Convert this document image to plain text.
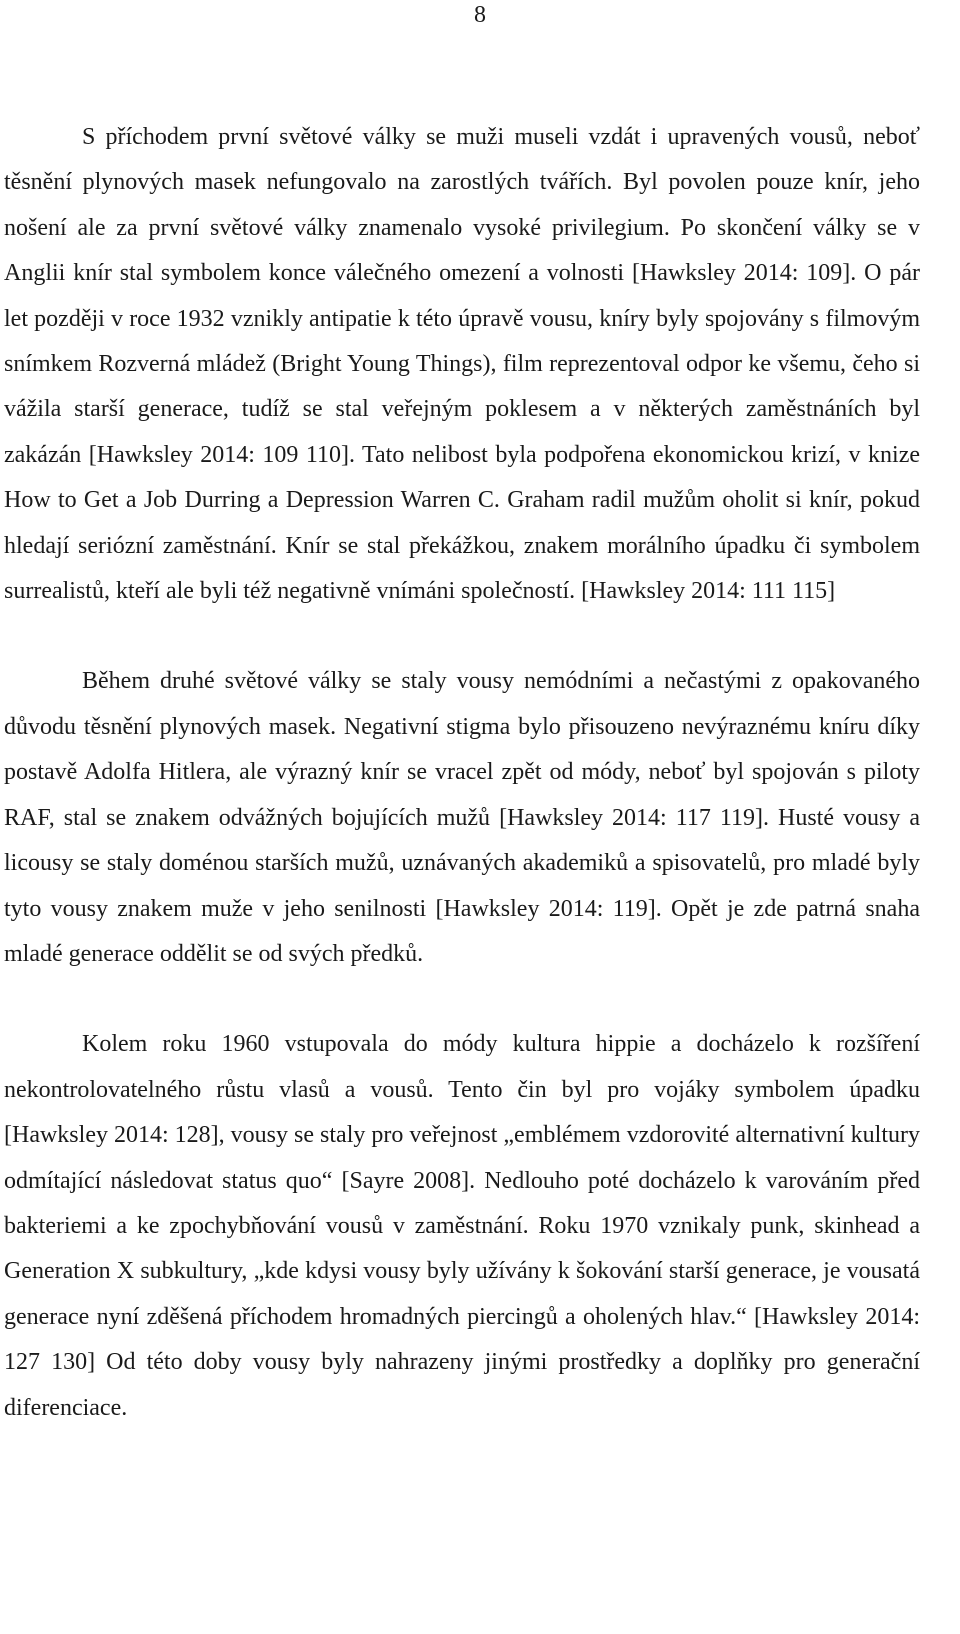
8

S příchodem první světové války se muži museli vzdát i upravených vousů, neboť těsnění plynových masek nefungovalo na zarostlých tvářích. Byl povolen pouze knír, jeho nošení ale za první světové války znamenalo vysoké privilegium. Po skončení války se v Anglii knír stal symbolem konce válečného omezení a volnosti [Hawksley 2014: 109]. O pár let později v roce 1932 vznikly antipatie k této úpravě vousu, kníry byly spojovány s filmovým snímkem Rozverná mládež (Bright Young Things), film reprezentoval odpor ke všemu, čeho si vážila starší generace, tudíž se stal veřejným poklesem a v některých zaměstnáních byl zakázán [Hawksley 2014: 109 110]. Tato nelibost byla podpořena ekonomickou krizí, v knize How to Get a Job Durring a Depression Warren C. Graham radil mužům oholit si knír, pokud hledají seriózní zaměstnání. Knír se stal překážkou, znakem morálního úpadku či symbolem surrealistů, kteří ale byli též negativně vnímáni společností. [Hawksley 2014: 111 115]

Během druhé světové války se staly vousy nemódními a nečastými z opakovaného důvodu těsnění plynových masek. Negativní stigma bylo přisouzeno nevýraznému kníru díky postavě Adolfa Hitlera, ale výrazný knír se vracel zpět od módy, neboť byl spojován s piloty RAF, stal se znakem odvážných bojujících mužů [Hawksley 2014: 117 119]. Husté vousy a licousy se staly doménou starších mužů, uznávaných akademiků a spisovatelů, pro mladé byly tyto vousy znakem muže v jeho senilnosti [Hawksley 2014: 119]. Opět je zde patrná snaha mladé generace oddělit se od svých předků.

Kolem roku 1960 vstupovala do módy kultura hippie a docházelo k rozšíření nekontrolovatelného růstu vlasů a vousů. Tento čin byl pro vojáky symbolem úpadku [Hawksley 2014: 128], vousy se staly pro veřejnost „emblémem vzdorovité alternativní kultury odmítající následovat status quo“ [Sayre 2008]. Nedlouho poté docházelo k varováním před bakteriemi a ke zpochybňování vousů v zaměstnání. Roku 1970 vznikaly punk, skinhead a Generation X subkultury, „kde kdysi vousy byly užívány k šokování starší generace, je vousatá generace nyní zděšená příchodem hromadných piercingů a oholených hlav.“ [Hawksley 2014: 127 130] Od této doby vousy byly nahrazeny jinými prostředky a doplňky pro generační diferenciace.
